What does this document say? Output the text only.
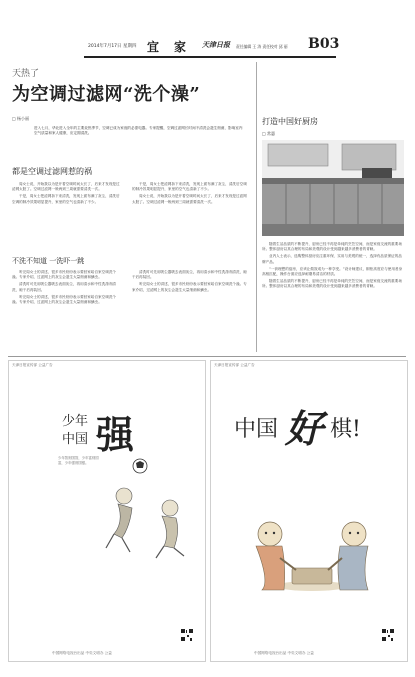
2014年7月17日 星期四 宜 家 天津日报 责任编辑 王 涛 责任校对 邱 丽 B03
天热了
为空调过滤网“洗个澡”
□ 杨小丽

进入七月，华北进入全年的主要炎热季节，空调已成为家庭的必需电器。专家提醒，空调过滤网长时间不清洗会滋生细菌，影响室内空气质量和家人健康，应定期清洗。

都是空调过滤网惹的祸

周女士说，开始我以为是开着空调时间太长了，后来才发现是过滤网太脏了。空调过滤网一般两到三周就需要清洗一次。

干是，周女士把滤网拆下来清洗，发现上面布满了灰尘，清洗后空调的制冷效果明显提升，家里的空气也清新了不少。

干是，周女士把滤网拆下来清洗，发现上面布满了灰尘，清洗后空调的制冷效果明显提升，家里的空气也清新了不少。

周女士说，开始我以为是开着空调时间太长了，后来才发现是过滤网太脏了。空调过滤网一般两到三周就需要清洗一次。

不洗不知道 一洗吓一跳

听完周女士的讲述，很多市民纷纷表示要回家给自家空调洗个澡。专家介绍，过滤网上的灰尘会滋生大量细菌和螨虫。

清洗时可先用吸尘器吸去表面灰尘，再用清水和中性洗涤剂清洗，晾干后再装回。

听完周女士的讲述，很多市民纷纷表示要回家给自家空调洗个澡。专家介绍，过滤网上的灰尘会滋生大量细菌和螨虫。

清洗时可先用吸尘器吸去表面灰尘，再用清水和中性洗涤剂清洗，晾干后再装回。

听完周女士的讲述，很多市民纷纷表示要回家给自家空调洗个澡。专家介绍，过滤网上的灰尘会滋生大量细菌和螨虫。

打造中国好厨房
□ 常惠

随着生活品质的不断提升，厨房已经不再是单纯的烹饪空间，而是家庭交流的重要场所。整体厨房以其合理的布局和美观的设计受到越来越多消费者的青睐。

业内人士表示，选购整体厨房应注重环保、实用与美观的统一，选择有品质保证的品牌产品。

“一套理想的厨房，应该让做饭成为一种享受。”设计师建议，橱柜高度应与使用者身高相匹配，操作台面应选择耐磨易清洁的材质。

随着生活品质的不断提升，厨房已经不再是单纯的烹饪空间，而是家庭交流的重要场所。整体厨房以其合理的布局和美观的设计受到越来越多消费者的青睐。

天津日报宣传部 公益广告
少年
中国 强

少年智则国智，少年富则国富，少年强则国强。

中国网络电视台出品 中央文明办 公益
天津日报宣传部 公益广告
中国 好 棋!
中国网络电视台出品 中央文明办 公益
